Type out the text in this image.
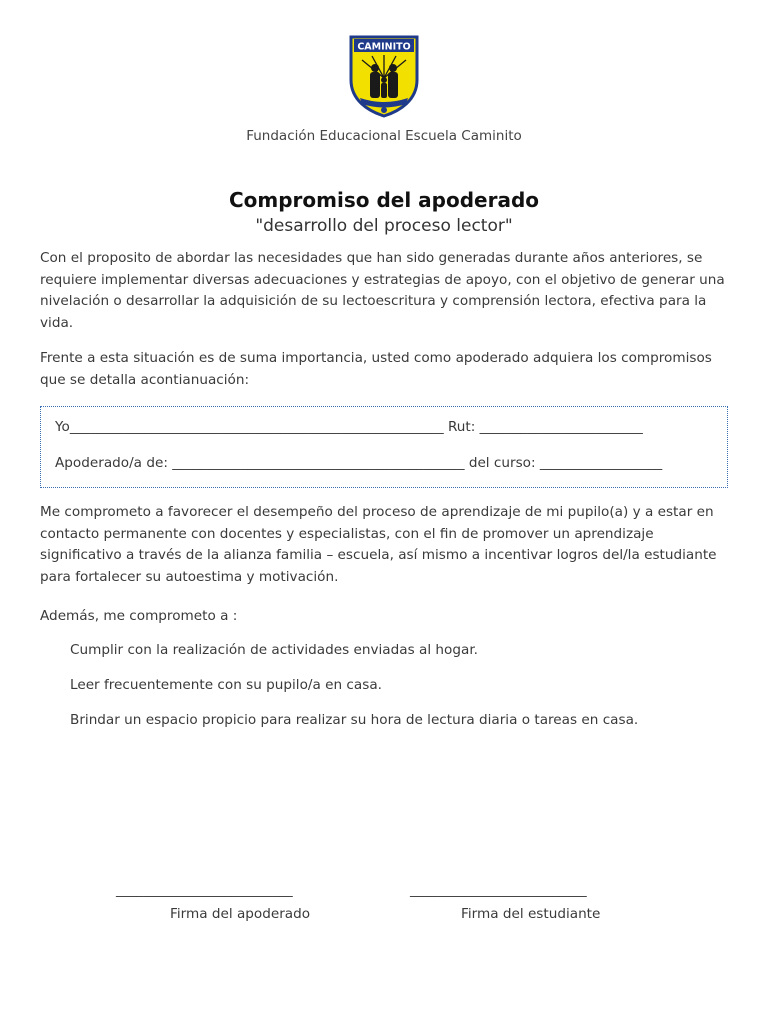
CAMINITO
Fundación Educacional Escuela Caminito
Compromiso del apoderado
"desarrollo del proceso lector"
Con el proposito de abordar las necesidades que han sido generadas durante años anteriores, se
requiere implementar diversas adecuaciones y estrategias de apoyo, con el objetivo de generar una
nivelación o desarrollar la adquisición de su lectoescritura y comprensión lectora, efectiva para la
vida.
Frente a esta situación es de suma importancia, usted como apoderado adquiera los compromisos
que se detalla acontianuación:
Yo_______________________________________________________ Rut: ________________________
Apoderado/a de: ___________________________________________ del curso: __________________
Me comprometo a favorecer el desempeño del proceso de aprendizaje de mi pupilo(a) y a estar en
contacto permanente con docentes y especialistas, con el fin de promover un aprendizaje
significativo a través de la alianza familia – escuela, así mismo a incentivar logros del/la estudiante
para fortalecer su autoestima y motivación.
Además, me comprometo a :
Cumplir con la realización de actividades enviadas al hogar.
Leer frecuentemente con su pupilo/a en casa.
Brindar un espacio propicio para realizar su hora de lectura diaria o tareas en casa.
__________________________
Firma del apoderado
__________________________
Firma del estudiante
